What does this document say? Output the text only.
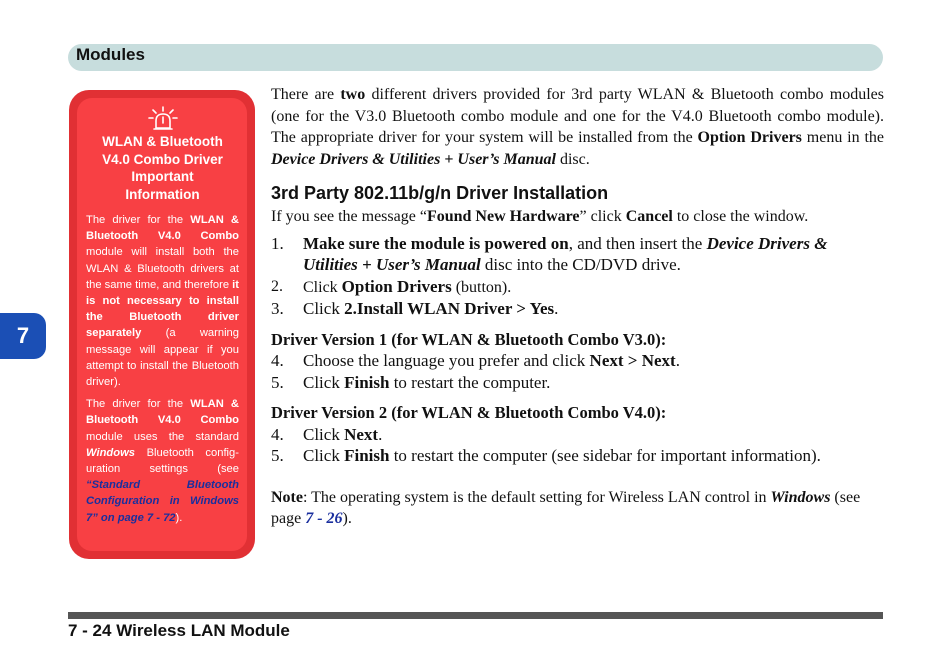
Modules
7
WLAN & Bluetooth
V4.0 Combo Driver
Important
Information

The driver for the WLAN & Bluetooth V4.0 Combo module will install both the WLAN & Bluetooth drivers at the same time, and therefore it is not necessary to install the Bluetooth driver separately (a warning message will appear if you attempt to install the Bluetooth driver).

The driver for the WLAN & Bluetooth V4.0 Combo module uses the standard Windows Bluetooth configuration settings (see “Standard Bluetooth Configuration in Windows 7” on page 7 - 72).

There are two different drivers provided for 3rd party WLAN & Bluetooth combo modules (one for the V3.0 Bluetooth combo module and one for the V4.0 Bluetooth combo module). The appropriate driver for your system will be installed from the Option Drivers menu in the Device Drivers & Utilities + User’s Manual disc.

3rd Party 802.11b/g/n Driver Installation

If you see the message “Found New Hardware” click Cancel to close the window.

1. Make sure the module is powered on, and then insert the Device Drivers & Utilities + User’s Manual disc into the CD/DVD drive.

2. Click Option Drivers (button).

3. Click 2.Install WLAN Driver > Yes.

Driver Version 1 (for WLAN & Bluetooth Combo V3.0):

4. Choose the language you prefer and click Next > Next.

5. Click Finish to restart the computer.

Driver Version 2 (for WLAN & Bluetooth Combo V4.0):

4. Click Next.

5. Click Finish to restart the computer (see sidebar for important information).

Note: The operating system is the default setting for Wireless LAN control in Windows (see page 7 - 26).

7 - 24 Wireless LAN Module
